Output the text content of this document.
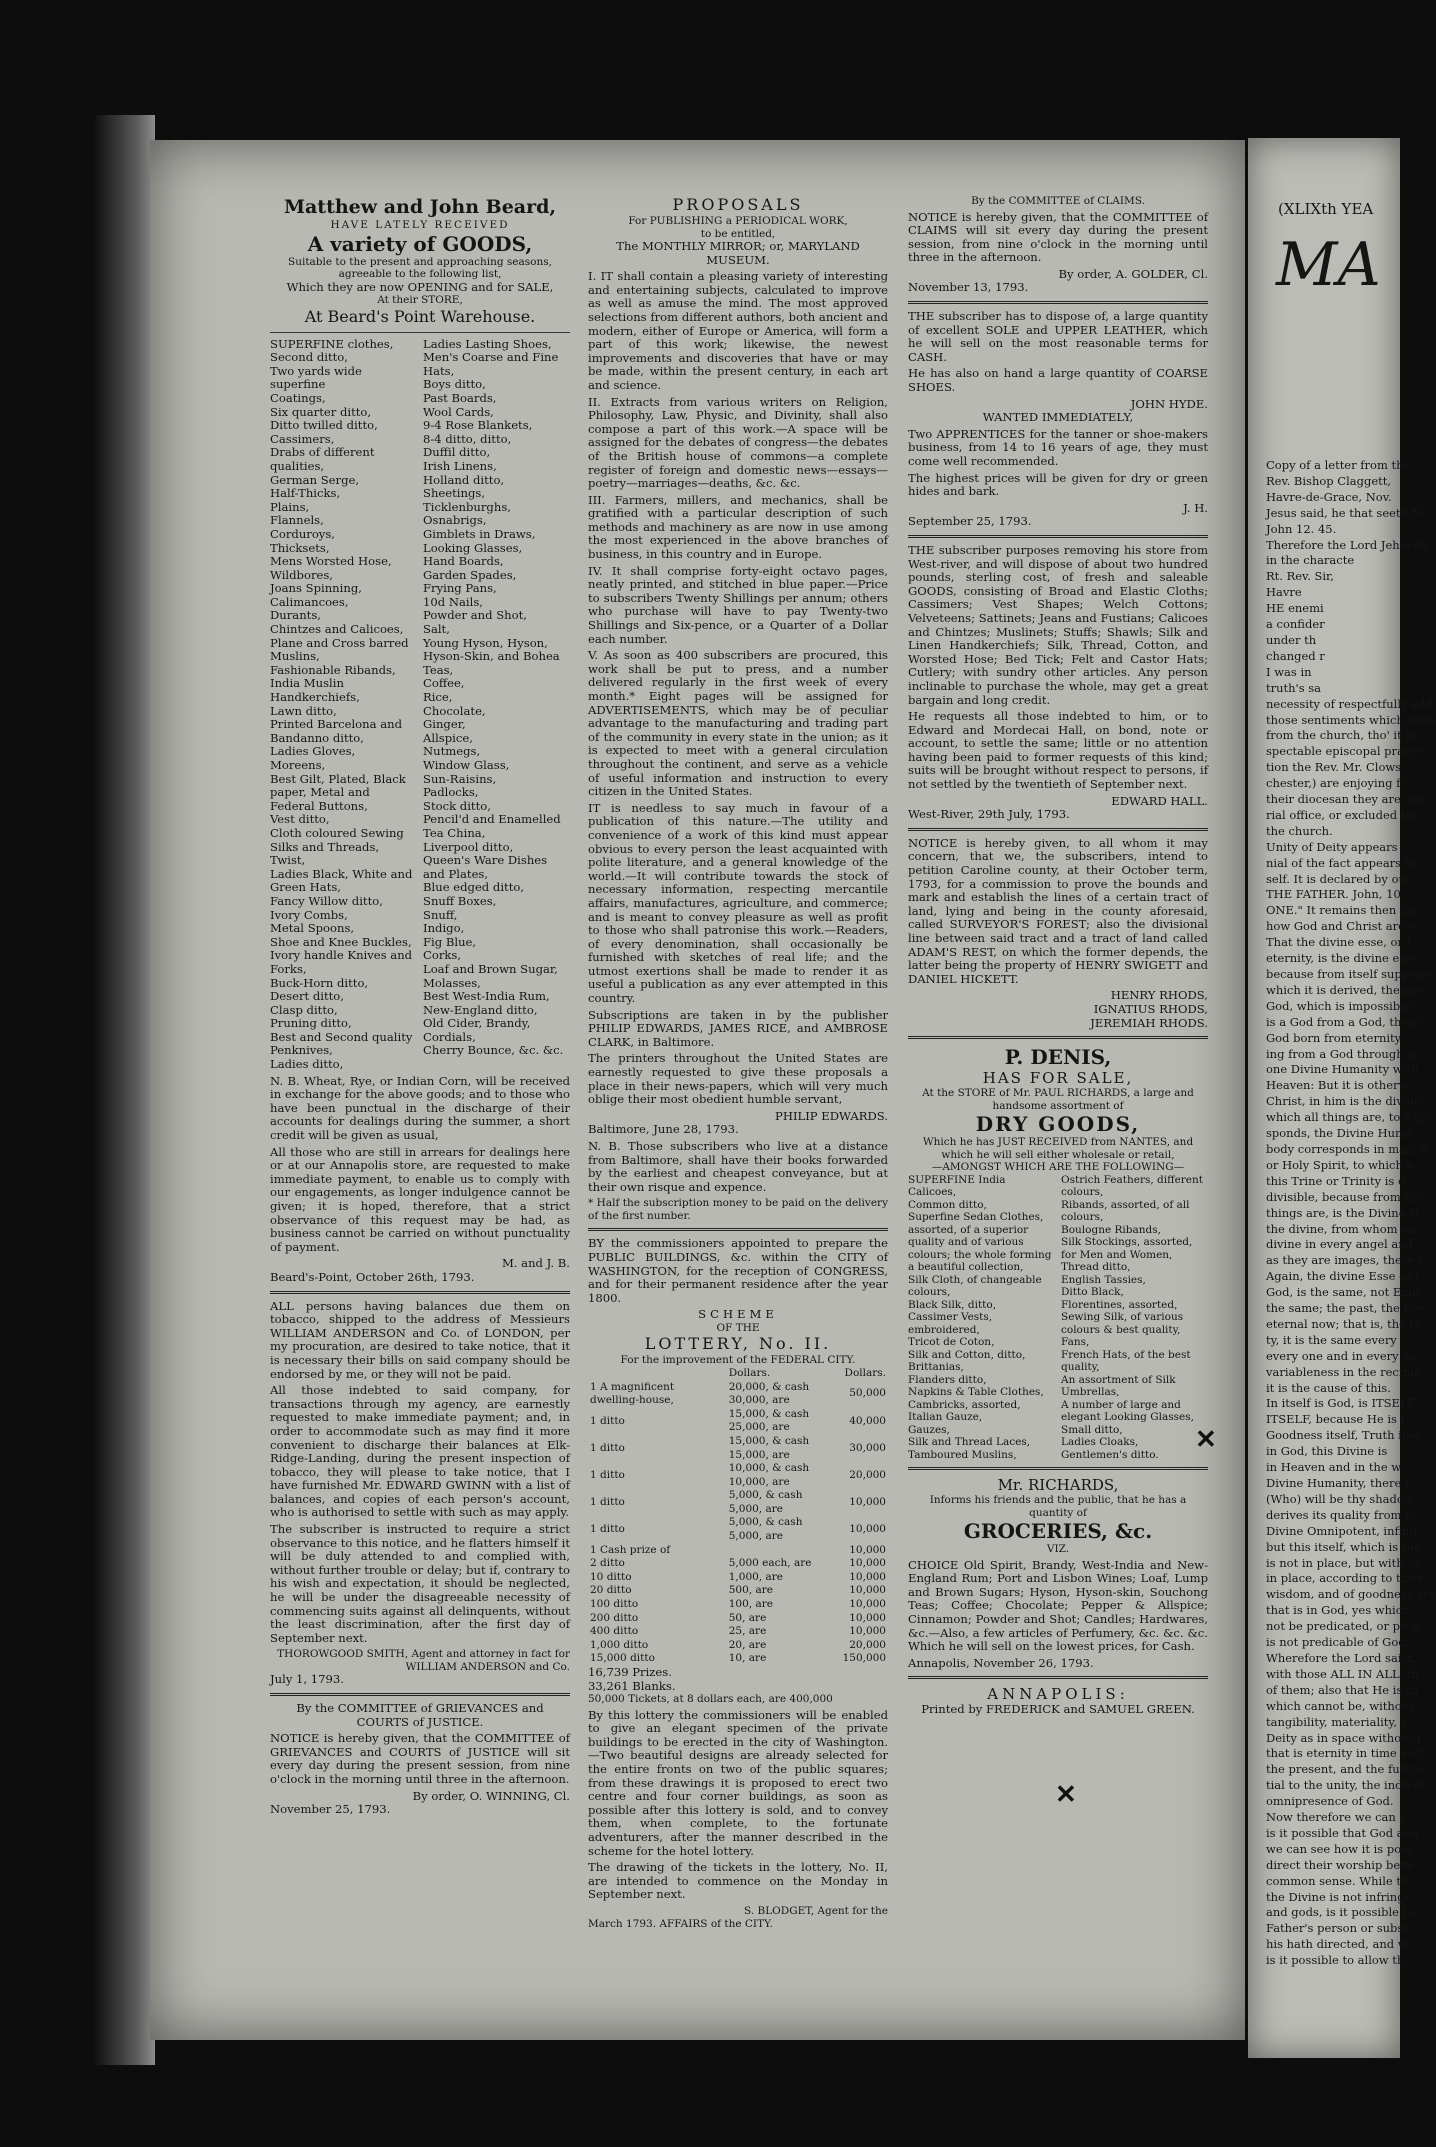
Matthew and John Beard,
HAVE LATELY RECEIVED
A variety of GOODS,
Suitable to the present and approaching seasons, agreeable to the following list,
Which they are now OPENING and for SALE,
At their STORE,
At Beard's Point Warehouse.
SUPERFINE clothes,
Second ditto,
Two yards wide superfine
Coatings,
Six quarter ditto,
Ditto twilled ditto,
Cassimers,
Drabs of different qualities,
German Serge,
Half-Thicks,
Plains,
Flannels,
Corduroys,
Thicksets,
Mens Worsted Hose,
Wildbores,
Joans Spinning,
Calimancoes,
Durants,
Chintzes and Calicoes,
Plane and Cross barred Muslins,
Fashionable Ribands,
India Muslin Handkerchiefs,
Lawn ditto,
Printed Barcelona and Bandanno ditto,
Ladies Gloves,
Moreens,
Best Gilt, Plated, Black paper, Metal and Federal Buttons,
Vest ditto,
Cloth coloured Sewing Silks and Threads,
Twist,
Ladies Black, White and Green Hats,
Fancy Willow ditto,
Ivory Combs,
Metal Spoons,
Shoe and Knee Buckles,
Ivory handle Knives and Forks,
Buck-Horn ditto,
Desert ditto,
Clasp ditto,
Pruning ditto,
Best and Second quality Penknives,
Ladies ditto,
Ladies Lasting Shoes,
Men's Coarse and Fine Hats,
Boys ditto,
Past Boards,
Wool Cards,
9-4 Rose Blankets,
8-4 ditto, ditto,
Duffil ditto,
Irish Linens,
Holland ditto,
Sheetings,
Ticklenburghs,
Osnabrigs,
Gimblets in Draws,
Looking Glasses,
Hand Boards,
Garden Spades,
Frying Pans,
10d Nails,
Powder and Shot,
Salt,
Young Hyson, Hyson, Hyson-Skin, and Bohea Teas,
Coffee,
Rice,
Chocolate,
Ginger,
Allspice,
Nutmegs,
Window Glass,
Sun-Raisins,
Padlocks,
Stock ditto,
Pencil'd and Enamelled Tea China,
Liverpool ditto,
Queen's Ware Dishes and Plates,
Blue edged ditto,
Snuff Boxes,
Snuff,
Indigo,
Fig Blue,
Corks,
Loaf and Brown Sugar,
Molasses,
Best West-India Rum,
New-England ditto,
Old Cider, Brandy,
Cordials,
Cherry Bounce, &c. &c.
N. B. Wheat, Rye, or Indian Corn, will be received in exchange for the above goods; and to those who have been punctual in the discharge of their accounts for dealings during the summer, a short credit will be given as usual,
All those who are still in arrears for dealings here or at our Annapolis store, are requested to make immediate payment, to enable us to comply with our engagements, as longer indulgence cannot be given; it is hoped, therefore, that a strict observance of this request may be had, as business cannot be carried on without punctuality of payment.
M. and J. B.
Beard's-Point, October 26th, 1793.
ALL persons having balances due them on tobacco, shipped to the address of Messieurs WILLIAM ANDERSON and Co. of LONDON, per my procuration, are desired to take notice, that it is necessary their bills on said company should be endorsed by me, or they will not be paid.
All those indebted to said company, for transactions through my agency, are earnestly requested to make immediate payment; and, in order to accommodate such as may find it more convenient to discharge their balances at Elk-Ridge-Landing, during the present inspection of tobacco, they will please to take notice, that I have furnished Mr. EDWARD GWINN with a list of balances, and copies of each person's account, who is authorised to settle with such as may apply.
The subscriber is instructed to require a strict observance to this notice, and he flatters himself it will be duly attended to and complied with, without further trouble or delay; but if, contrary to his wish and expectation, it should be neglected, he will be under the disagreeable necessity of commencing suits against all delinquents, without the least discrimination, after the first day of September next.
THOROWGOOD SMITH, Agent and attorney in fact for WILLIAM ANDERSON and Co.
July 1, 1793.
By the COMMITTEE of GRIEVANCES and COURTS of JUSTICE.
NOTICE is hereby given, that the COMMITTEE of GRIEVANCES and COURTS of JUSTICE will sit every day during the present session, from nine o'clock in the morning until three in the afternoon.
By order, O. WINNING, Cl.
November 25, 1793.
PROPOSALS
For PUBLISHING a PERIODICAL WORK,
to be entitled,
The MONTHLY MIRROR; or, MARYLAND MUSEUM.
I. IT shall contain a pleasing variety of interesting and entertaining subjects, calculated to improve as well as amuse the mind. The most approved selections from different authors, both ancient and modern, either of Europe or America, will form a part of this work; likewise, the newest improvements and discoveries that have or may be made, within the present century, in each art and science.
II. Extracts from various writers on Religion, Philosophy, Law, Physic, and Divinity, shall also compose a part of this work.—A space will be assigned for the debates of congress—the debates of the British house of commons—a complete register of foreign and domestic news—essays—poetry—marriages—deaths, &c. &c.
III. Farmers, millers, and mechanics, shall be gratified with a particular description of such methods and machinery as are now in use among the most experienced in the above branches of business, in this country and in Europe.
IV. It shall comprise forty-eight octavo pages, neatly printed, and stitched in blue paper.—Price to subscribers Twenty Shillings per annum; others who purchase will have to pay Twenty-two Shillings and Six-pence, or a Quarter of a Dollar each number.
V. As soon as 400 subscribers are procured, this work shall be put to press, and a number delivered regularly in the first week of every month.* Eight pages will be assigned for ADVERTISEMENTS, which may be of peculiar advantage to the manufacturing and trading part of the community in every state in the union; as it is expected to meet with a general circulation throughout the continent, and serve as a vehicle of useful information and instruction to every citizen in the United States.
IT is needless to say much in favour of a publication of this nature.—The utility and convenience of a work of this kind must appear obvious to every person the least acquainted with polite literature, and a general knowledge of the world.—It will contribute towards the stock of necessary information, respecting mercantile affairs, manufactures, agriculture, and commerce; and is meant to convey pleasure as well as profit to those who shall patronise this work.—Readers, of every denomination, shall occasionally be furnished with sketches of real life; and the utmost exertions shall be made to render it as useful a publication as any ever attempted in this country.
Subscriptions are taken in by the publisher PHILIP EDWARDS, JAMES RICE, and AMBROSE CLARK, in Baltimore.
The printers throughout the United States are earnestly requested to give these proposals a place in their news-papers, which will very much oblige their most obedient humble servant,
PHILIP EDWARDS.
Baltimore, June 28, 1793.
N. B. Those subscribers who live at a distance from Baltimore, shall have their books forwarded by the earliest and cheapest conveyance, but at their own risque and expence.
* Half the subscription money to be paid on the delivery of the first number.
BY the commissioners appointed to prepare the PUBLIC BUILDINGS, &c. within the CITY of WASHINGTON, for the reception of CONGRESS, and for their permanent residence after the year 1800.
SCHEME
OF THE
LOTTERY, No. II.
For the improvement of the FEDERAL CITY.
	Dollars.	Dollars.
1 A magnificent dwelling-house,	20,000, & cash 30,000, are	50,000
1 ditto	15,000, & cash 25,000, are	40,000
1 ditto	15,000, & cash 15,000, are	30,000
1 ditto	10,000, & cash 10,000, are	20,000
1 ditto	5,000, & cash 5,000, are	10,000
1 ditto	5,000, & cash 5,000, are	10,000
1 Cash prize of		10,000
2 ditto	5,000 each, are	10,000
10 ditto	1,000, are	10,000
20 ditto	500, are	10,000
100 ditto	100, are	10,000
200 ditto	50, are	10,000
400 ditto	25, are	10,000
1,000 ditto	20, are	20,000
15,000 ditto	10, are	150,000
16,739 Prizes.
33,261 Blanks.
50,000 Tickets, at 8 dollars each, are 400,000
By this lottery the commissioners will be enabled to give an elegant specimen of the private buildings to be erected in the city of Washington.—Two beautiful designs are already selected for the entire fronts on two of the public squares; from these drawings it is proposed to erect two centre and four corner buildings, as soon as possible after this lottery is sold, and to convey them, when complete, to the fortunate adventurers, after the manner described in the scheme for the hotel lottery.
The drawing of the tickets in the lottery, No. II, are intended to commence on the Monday in September next.
S. BLODGET, Agent for the
March 1793. AFFAIRS of the CITY.
By the COMMITTEE of CLAIMS.
NOTICE is hereby given, that the COMMITTEE of CLAIMS will sit every day during the present session, from nine o'clock in the morning until three in the afternoon.
By order, A. GOLDER, Cl.
November 13, 1793.
THE subscriber has to dispose of, a large quantity of excellent SOLE and UPPER LEATHER, which he will sell on the most reasonable terms for CASH.
He has also on hand a large quantity of COARSE SHOES.
JOHN HYDE.
WANTED IMMEDIATELY,
Two APPRENTICES for the tanner or shoe-makers business, from 14 to 16 years of age, they must come well recommended.
The highest prices will be given for dry or green hides and bark.
J. H.
September 25, 1793.
THE subscriber purposes removing his store from West-river, and will dispose of about two hundred pounds, sterling cost, of fresh and saleable GOODS, consisting of Broad and Elastic Cloths; Cassimers; Vest Shapes; Welch Cottons; Velveteens; Sattinets; Jeans and Fustians; Calicoes and Chintzes; Muslinets; Stuffs; Shawls; Silk and Linen Handkerchiefs; Silk, Thread, Cotton, and Worsted Hose; Bed Tick; Felt and Castor Hats; Cutlery; with sundry other articles. Any person inclinable to purchase the whole, may get a great bargain and long credit.
He requests all those indebted to him, or to Edward and Mordecai Hall, on bond, note or account, to settle the same; little or no attention having been paid to former requests of this kind; suits will be brought without respect to persons, if not settled by the twentieth of September next.
EDWARD HALL.
West-River, 29th July, 1793.
NOTICE is hereby given, to all whom it may concern, that we, the subscribers, intend to petition Caroline county, at their October term, 1793, for a commission to prove the bounds and mark and establish the lines of a certain tract of land, lying and being in the county aforesaid, called SURVEYOR'S FOREST; also the divisional line between said tract and a tract of land called ADAM'S REST, on which the former depends, the latter being the property of HENRY SWIGETT and DANIEL HICKETT.
HENRY RHODS,
IGNATIUS RHODS,
JEREMIAH RHODS.
P. DENIS,
HAS FOR SALE,
At the STORE of Mr. PAUL RICHARDS, a large and handsome assortment of
DRY GOODS,
Which he has JUST RECEIVED from NANTES, and which he will sell either wholesale or retail,
—AMONGST WHICH ARE THE FOLLOWING—
SUPERFINE India Calicoes,
Common ditto,
Superfine Sedan Clothes, assorted, of a superior quality and of various colours; the whole forming a beautiful collection,
Silk Cloth, of changeable colours,
Black Silk, ditto,
Cassimer Vests, embroidered,
Tricot de Coton,
Silk and Cotton, ditto,
Brittanias,
Flanders ditto,
Napkins & Table Clothes,
Cambricks, assorted,
Italian Gauze,
Gauzes,
Silk and Thread Laces,
Tamboured Muslins,
Ostrich Feathers, different colours,
Ribands, assorted, of all colours,
Boulogne Ribands,
Silk Stockings, assorted, for Men and Women,
Thread ditto,
English Tassies,
Ditto Black,
Florentines, assorted,
Sewing Silk, of various colours & best quality,
Fans,
French Hats, of the best quality,
An assortment of Silk Umbrellas,
A number of large and elegant Looking Glasses,
Small ditto,
Ladies Cloaks,
Gentlemen's ditto.
Mr. RICHARDS,
Informs his friends and the public, that he has a quantity of
GROCERIES, &c.
VIZ.
CHOICE Old Spirit, Brandy, West-India and New-England Rum; Port and Lisbon Wines; Loaf, Lump and Brown Sugars; Hyson, Hyson-skin, Souchong Teas; Coffee; Chocolate; Pepper & Allspice; Cinnamon; Powder and Shot; Candles; Hardwares, &c.—Also, a few articles of Perfumery, &c. &c. &c. Which he will sell on the lowest prices, for Cash.
Annapolis, November 26, 1793.
ANNAPOLIS:
Printed by FREDERICK and SAMUEL GREEN.
✕
✕
(XLIXth YEA
MA
Copy of a letter from the
Rev. Bishop Claggett,
Havre-de-Grace, Nov.
Jesus said, he that seeth M
John 12. 45.
Therefore the Lord Jehovah
in the characte
Rt. Rev. Sir,
Havre
HE enemi
a confider
under th
changed r
I was in
truth's sa
necessity of respectfully add
those sentiments which were
from the church, tho' it is
spectable episcopal prayer
tion the Rev. Mr. Clows,
chester,) are enjoying fr
their diocesan they are not
rial office, or excluded the
the church.
Unity of Deity appears
nial of the fact appears to
self. It is declared by our
THE FATHER. John, 10,
ONE." It remains then for
how God and Christ are o
That the divine esse, or I
eternity, is the divine esse
because from itself supposes
which it is derived, therefo
God, which is impossible;
is a God from a God, there
God born from eternity,
ing from a God through a
one Divine Humanity with
Heaven: But it is otherw
Christ, in him is the divine
which all things are, to whic
sponds, the Divine Huma
body corresponds in man, a
or Holy Spirit, to which a
this Trine or Trinity is o
divisible, because from this
things are, is the Divine H
the divine, from whom an
divine in every angel and
as they are images, there i
Again, the divine Esse or I
God, is the same, not Emp
the same; the past, the pre
eternal now; that is, the fa
ty, it is the same every
every one and in every on
variableness in the recipie
it is the cause of this.
In itself is God, is ITSELF
ITSELF, because He is l
Goodness itself, Truth itse
in God, this Divine is
in Heaven and in the w
Divine Humanity, there i
(Who) will be thy shadow
derives its quality from th
Divine Omnipotent, infinit
but this itself, which is the
is not in place, but with th
in place, according to the r
wisdom, and of goodness are
that is in God, yes which
not be predicated, or prop
is not predicable of God.
Wherefore the Lord saith,
with those ALL IN ALL, th
of them; also that He is th
which cannot be, without
tangibility, materiality, a
Deity as in space without f
that is eternity in time and
the present, and the future
tial to the unity, the individ
omnipresence of God.
Now therefore we can s
is it possible that God and
we can see how it is poss
direct their worship betw
common sense. While th
the Divine is not infringe
and gods, is it possible to
Father's person or subst
his hath directed, and w
is it possible to allow th
